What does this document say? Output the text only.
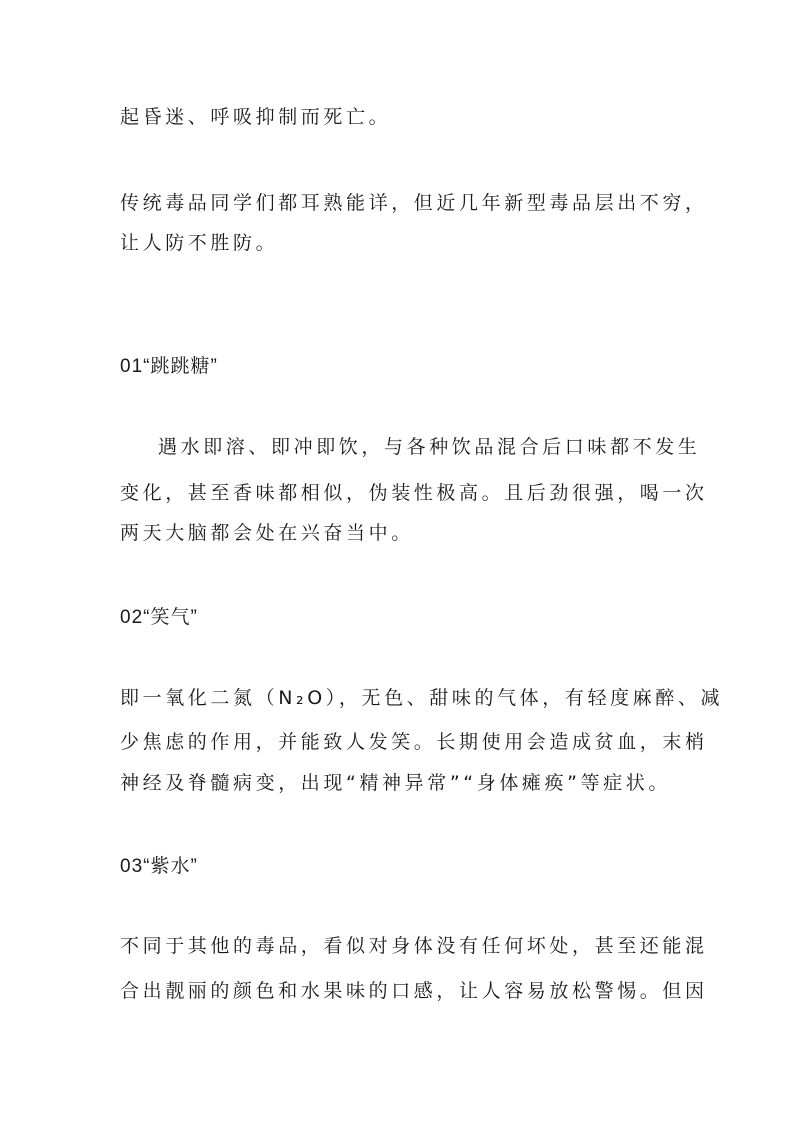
起昏迷、呼吸抑制而死亡。
传统毒品同学们都耳熟能详，但近几年新型毒品层出不穷，
让人防不胜防。
01“跳跳糖”
遇水即溶、即冲即饮，与各种饮品混合后口味都不发生
变化，甚至香味都相似，伪装性极高。且后劲很强，喝一次
两天大脑都会处在兴奋当中。
02“笑气”
即一氧化二氮（N₂O），无色、甜味的气体，有轻度麻醉、减
少焦虑的作用，并能致人发笑。长期使用会造成贫血，末梢
神经及脊髓病变，出现“精神异常”“身体瘫痪”等症状。
03“紫水”
不同于其他的毒品，看似对身体没有任何坏处，甚至还能混
合出靓丽的颜色和水果味的口感，让人容易放松警惕。但因
